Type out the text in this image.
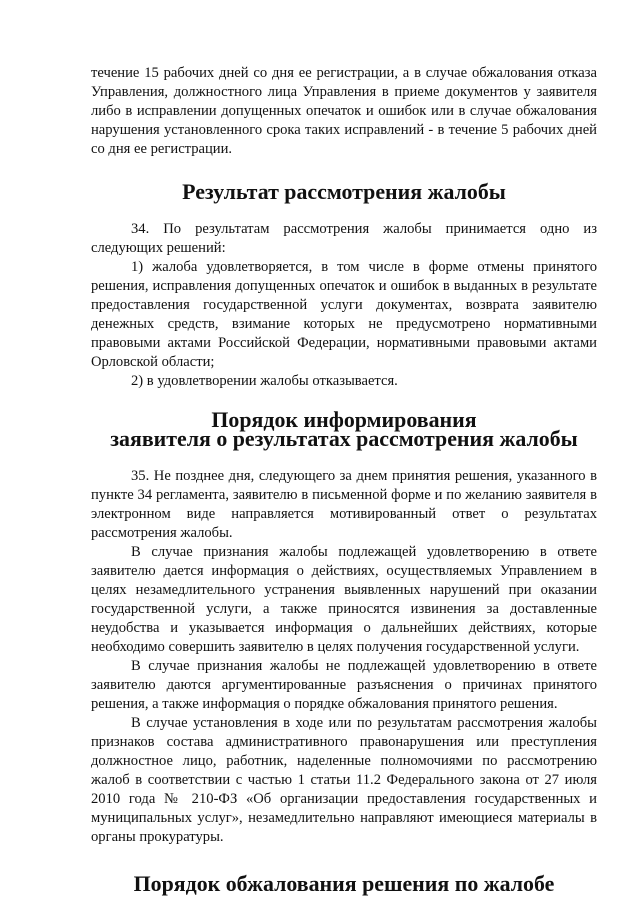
течение 15 рабочих дней со дня ее регистрации, а в случае обжалования отказа Управления, должностного лица Управления в приеме документов у заявителя либо в исправлении допущенных опечаток и ошибок или в случае обжалования нарушения установленного срока таких исправлений - в течение 5 рабочих дней со дня ее регистрации.

Результат рассмотрения жалобы

34. По результатам рассмотрения жалобы принимается одно из следующих решений:

1) жалоба удовлетворяется, в том числе в форме отмены принятого решения, исправления допущенных опечаток и ошибок в выданных в результате предоставления государственной услуги документах, возврата заявителю денежных средств, взимание которых не предусмотрено нормативными правовыми актами Российской Федерации, нормативными правовыми актами Орловской области;

2) в удовлетворении жалобы отказывается.

Порядок информирования
заявителя о результатах рассмотрения жалобы

35. Не позднее дня, следующего за днем принятия решения, указанного в пункте 34 регламента, заявителю в письменной форме и по желанию заявителя в электронном виде направляется мотивированный ответ о результатах рассмотрения жалобы.

В случае признания жалобы подлежащей удовлетворению в ответе заявителю дается информация о действиях, осуществляемых Управлением в целях незамедлительного устранения выявленных нарушений при оказании государственной услуги, а также приносятся извинения за доставленные неудобства и указывается информация о дальнейших действиях, которые необходимо совершить заявителю в целях получения государственной услуги.

В случае признания жалобы не подлежащей удовлетворению в ответе заявителю даются аргументированные разъяснения о причинах принятого решения, а также информация о порядке обжалования принятого решения.

В случае установления в ходе или по результатам рассмотрения жалобы признаков состава административного правонарушения или преступления должностное лицо, работник, наделенные полномочиями по рассмотрению жалоб в соответствии с частью 1 статьи 11.2 Федерального закона от 27 июля 2010 года № 210-ФЗ «Об организации предоставления государственных и муниципальных услуг», незамедлительно направляют имеющиеся материалы в органы прокуратуры.

Порядок обжалования решения по жалобе
